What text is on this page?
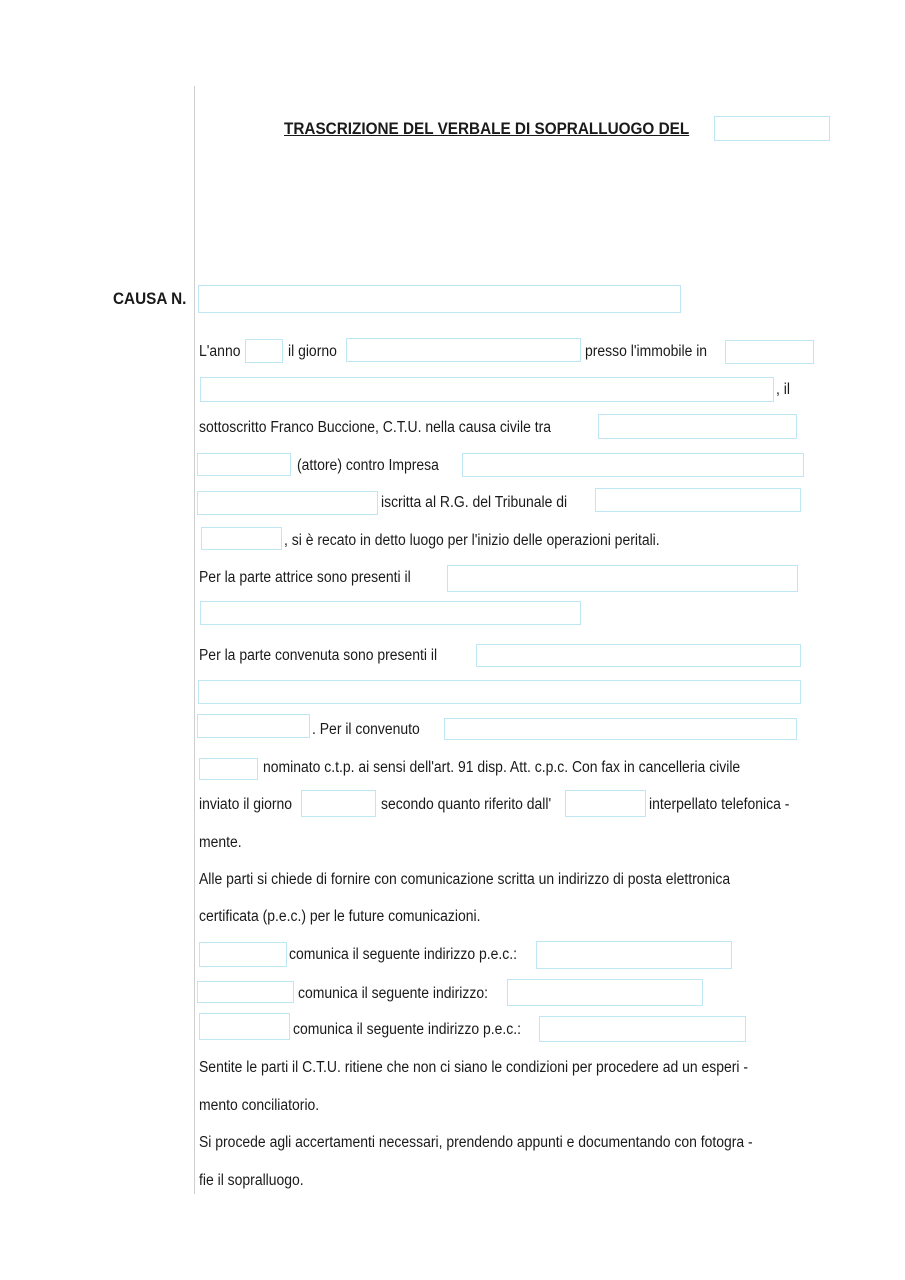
TRASCRIZIONE DEL VERBALE DI SOPRALLUOGO DEL
CAUSA N.
L'anno	il giorno	presso l'immobile in
, il
sottoscritto Franco Buccione, C.T.U. nella causa civile tra
(attore) contro Impresa
iscritta al R.G. del Tribunale di
, si è recato in detto luogo per l'inizio delle operazioni peritali.
Per la parte attrice sono presenti il
Per la parte convenuta sono presenti il
. Per il convenuto
nominato c.t.p. ai sensi dell'art. 91 disp. Att. c.p.c. Con fax in cancelleria civile
inviato il giorno	secondo quanto riferito dall'	interpellato telefonica -
mente.
Alle parti si chiede di fornire con comunicazione scritta un indirizzo di posta elettronica
certificata (p.e.c.) per le future comunicazioni.
comunica il seguente indirizzo p.e.c.:
comunica il seguente indirizzo:
comunica il seguente indirizzo p.e.c.:
Sentite le parti il C.T.U. ritiene che non ci siano le condizioni per procedere ad un esperi -
mento conciliatorio.
Si procede agli accertamenti necessari, prendendo appunti e documentando con fotogra -
fie il sopralluogo.
